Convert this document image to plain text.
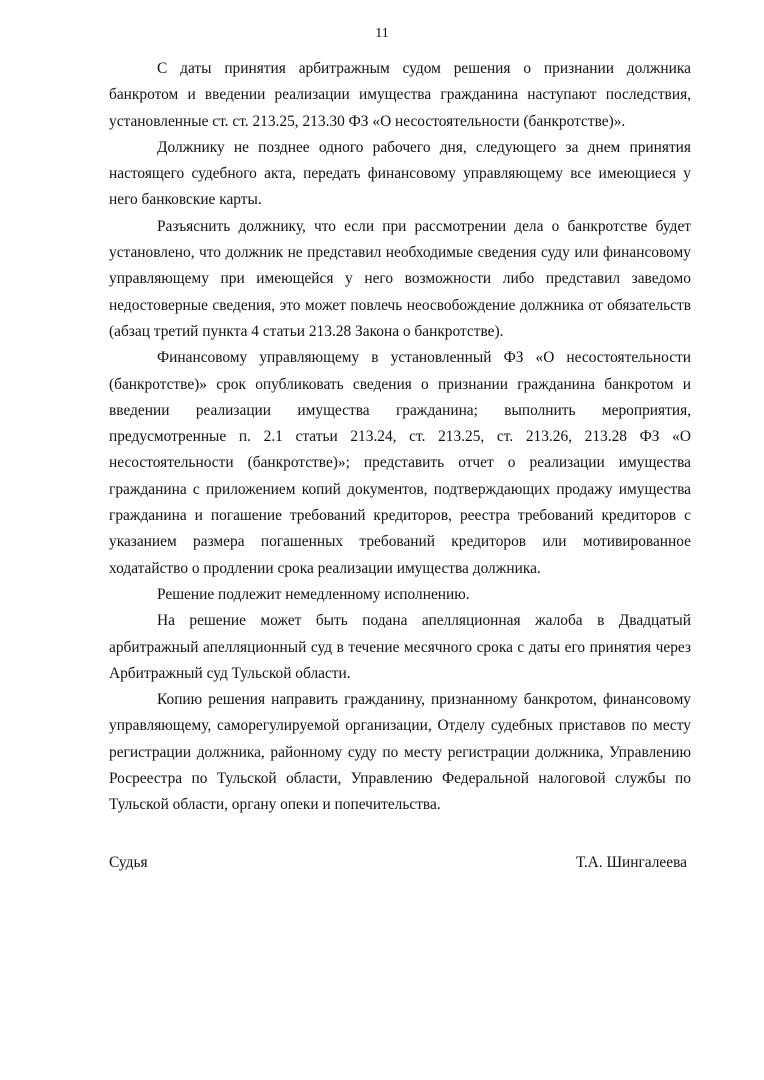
11

С даты принятия арбитражным судом решения о признании должника банкротом и введении реализации имущества гражданина наступают последствия, установленные ст. ст. 213.25, 213.30 ФЗ «О несостоятельности (банкротстве)».

Должнику не позднее одного рабочего дня, следующего за днем принятия настоящего судебного акта, передать финансовому управляющему все имеющиеся у него банковские карты.

Разъяснить должнику, что если при рассмотрении дела о банкротстве будет установлено, что должник не представил необходимые сведения суду или финансовому управляющему при имеющейся у него возможности либо представил заведомо недостоверные сведения, это может повлечь неосвобождение должника от обязательств (абзац третий пункта 4 статьи 213.28 Закона о банкротстве).

Финансовому управляющему в установленный ФЗ «О несостоятельности (банкротстве)» срок опубликовать сведения о признании гражданина банкротом и введении реализации имущества гражданина; выполнить мероприятия, предусмотренные п. 2.1 статьи 213.24, ст. 213.25, ст. 213.26, 213.28 ФЗ «О несостоятельности (банкротстве)»; представить отчет о реализации имущества гражданина с приложением копий документов, подтверждающих продажу имущества гражданина и погашение требований кредиторов, реестра требований кредиторов с указанием размера погашенных требований кредиторов или мотивированное ходатайство о продлении срока реализации имущества должника.

Решение подлежит немедленному исполнению.

На решение может быть подана апелляционная жалоба в Двадцатый арбитражный апелляционный суд в течение месячного срока с даты его принятия через Арбитражный суд Тульской области.

Копию решения направить гражданину, признанному банкротом, финансовому управляющему, саморегулируемой организации, Отделу судебных приставов по месту регистрации должника, районному суду по месту регистрации должника, Управлению Росреестра по Тульской области, Управлению Федеральной налоговой службы по Тульской области, органу опеки и попечительства.

Судья	Т.А. Шингалеева
